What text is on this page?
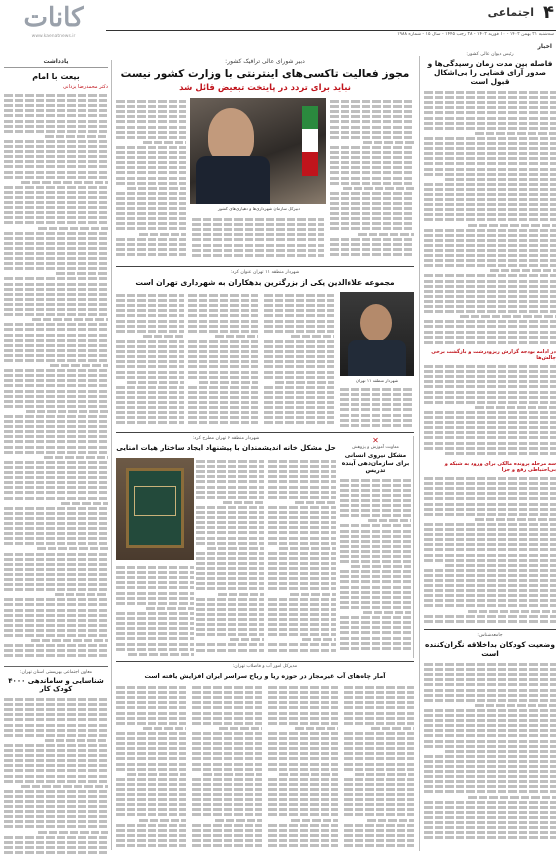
کانات
www.kaenatnews.ir
۴
اجتماعی
سه‌شنبه ۲۱ بهمن ۱۴۰۲ - ۱۰ فوریه ۱۴۰۲ - ۲۸ رجب ۱۴۴۵ - سال ۱۵ - شماره ۱۹۸۸
اخبار
یادداشت
بیعت با امام
دکتر محمدرضا یزدانی
معاون اجتماعی بهزیستی استان تهران:
شناسایی و ساماندهی ۴۰۰۰ کودک کار
رئیس دیوان عالی کشور:
فاصله بین مدت زمان رسیدگی‌ها و صدور آرای قضایی را بی‌اشکال قبول است
در ادامه بودجه گزارش ریزودرشت و بازگشت برخی چالش‌ها
سه مرحله پرونده مالکی برای ورود به شبکه و بی‌احتیاطی رفع و جزا
جامعه‌شناس:
وضعیت کودکان بداخلاقه نگران‌کننده است
دبیر شورای عالی ترافیک کشور:
مجوز فعالیت تاکسی‌های اینترنتی با وزارت کشور نیست
نباید برای تردد در پایتخت تبعیض قائل شد
دبیرکل سازمان شهرداری‌ها و دهیاری‌های کشور
شهردار منطقه ۱۱ تهران عنوان کرد:
مجموعه علاءالدین یکی از بزرگترین بدهکاران به شهرداری تهران است
شهردار منطقه ۱۱ تهران
شهردار منطقه ۶ تهران مطرح کرد:
حل مشکل خانه اندیشمندان با پیشنهاد ایجاد ساختار هیات امنایی
✕
معاونت آموزش و پژوهش
مشکل نیروی انسانی برای سازمان‌دهی آینده تدریس
مدیرکل امور آب و فاضلاب تهران:
آمار چاه‌های آب غیرمجاز در حوزه ریا و ریاح سراسر ایران افزایش یافته است
